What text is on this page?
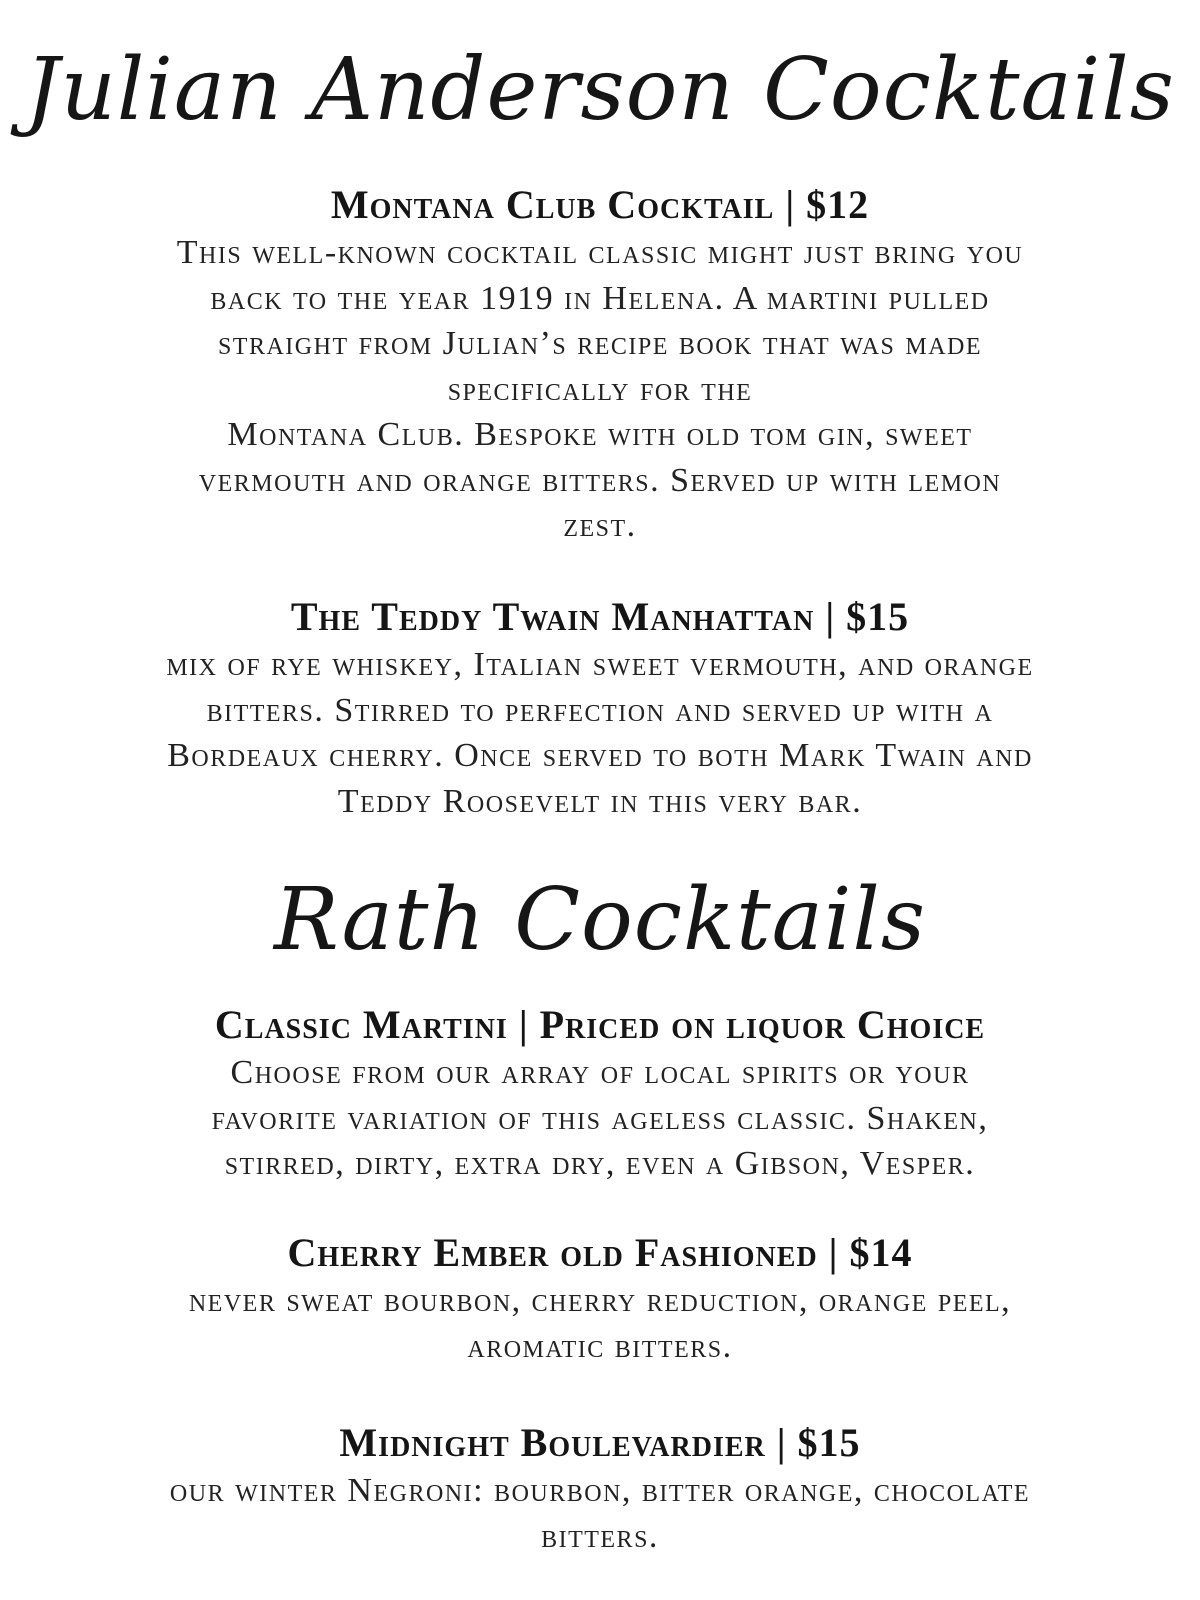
Julian Anderson Cocktails
Montana Club Cocktail | $12

This well-known cocktail classic might just bring you
back to the year 1919 in Helena. A martini pulled
straight from Julian’s recipe book that was made
specifically for the
Montana Club. Bespoke with old tom gin, sweet
vermouth and orange bitters. Served up with lemon
zest.

The Teddy Twain Manhattan | $15

mix of rye whiskey, Italian sweet vermouth, and orange
bitters. Stirred to perfection and served up with a
Bordeaux cherry. Once served to both Mark Twain and
Teddy Roosevelt in this very bar.

Rath Cocktails
Classic Martini | Priced on liquor Choice

Choose from our array of local spirits or your
favorite variation of this ageless classic. Shaken,
stirred, dirty, extra dry, even a Gibson, Vesper.

Cherry Ember old Fashioned | $14

never sweat bourbon, cherry reduction, orange peel,
aromatic bitters.

Midnight Boulevardier | $15

our winter Negroni: bourbon, bitter orange, chocolate
bitters.
